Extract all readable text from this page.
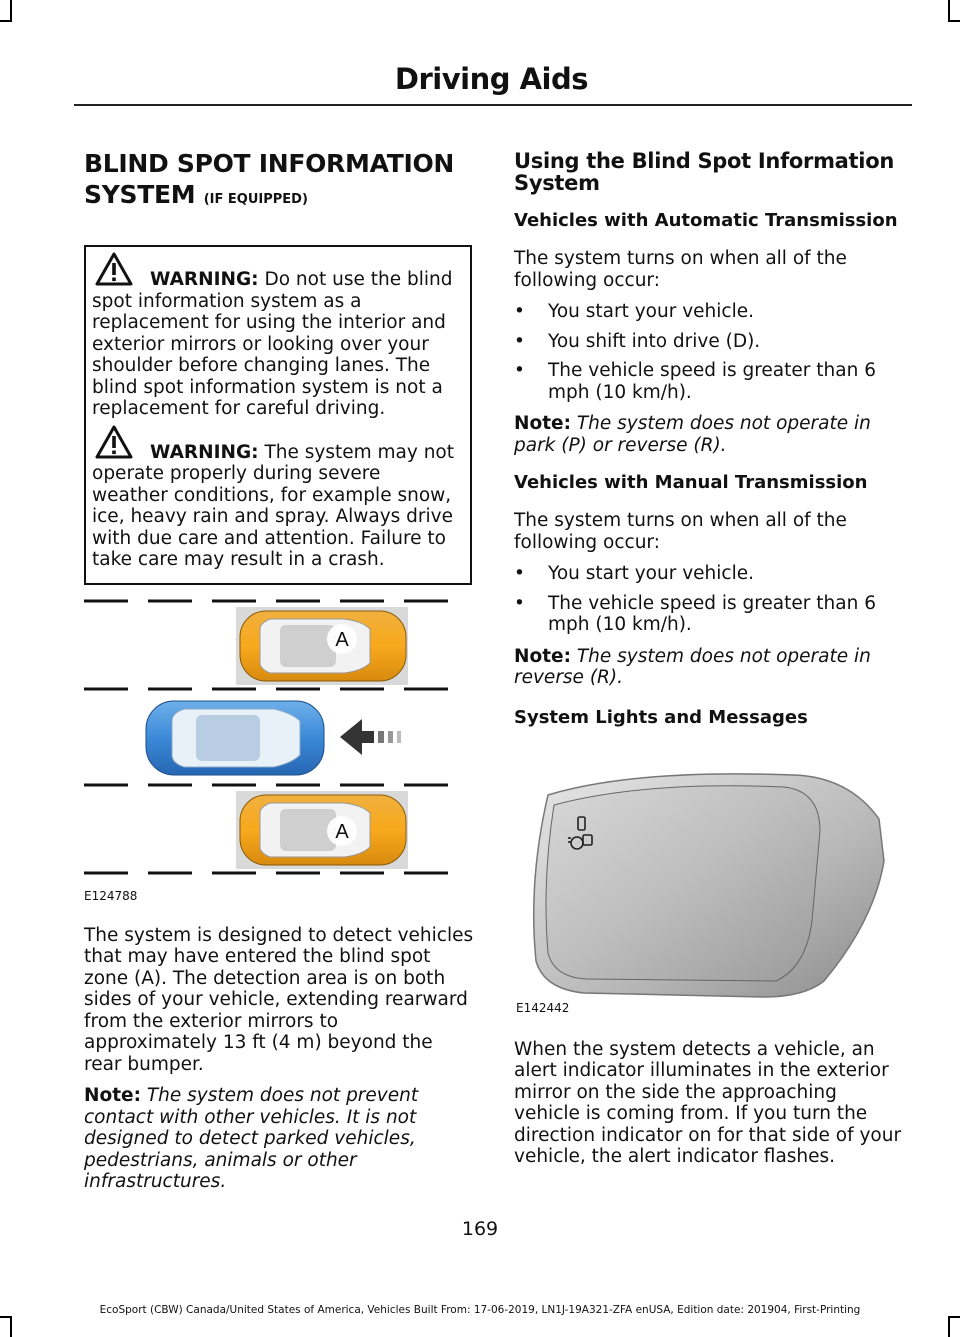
Driving Aids
BLIND SPOT INFORMATION SYSTEM (IF EQUIPPED)

WARNING: Do not use the blind spot information system as a replacement for using the interior and exterior mirrors or looking over your shoulder before changing lanes. The blind spot information system is not a replacement for careful driving.

WARNING: The system may not operate properly during severe weather conditions, for example snow, ice, heavy rain and spray. Always drive with due care and attention. Failure to take care may result in a crash.

A
A
E124788

The system is designed to detect vehicles that may have entered the blind spot zone (A). The detection area is on both sides of your vehicle, extending rearward from the exterior mirrors to approximately 13 ft (4 m) beyond the rear bumper.

Note: The system does not prevent contact with other vehicles. It is not designed to detect parked vehicles, pedestrians, animals or other infrastructures.

Using the Blind Spot Information System
Vehicles with Automatic Transmission

The system turns on when all of the following occur:

• You start your vehicle.
• You shift into drive (D).
• The vehicle speed is greater than 6 mph (10 km/h).

Note: The system does not operate in park (P) or reverse (R).

Vehicles with Manual Transmission

The system turns on when all of the following occur:

• You start your vehicle.
• The vehicle speed is greater than 6 mph (10 km/h).

Note: The system does not operate in reverse (R).

System Lights and Messages
E142442

When the system detects a vehicle, an alert indicator illuminates in the exterior mirror on the side the approaching vehicle is coming from. If you turn the direction indicator on for that side of your vehicle, the alert indicator flashes.

169
EcoSport (CBW) Canada/United States of America, Vehicles Built From: 17-06-2019, LN1J-19A321-ZFA enUSA, Edition date: 201904, First-Printing
